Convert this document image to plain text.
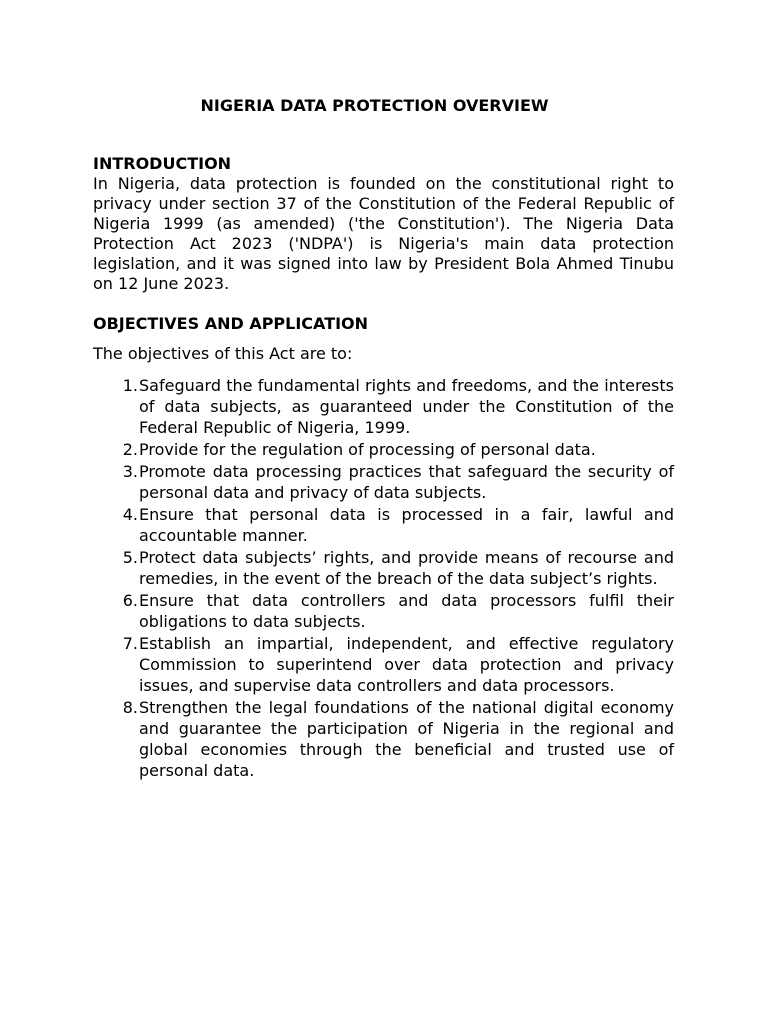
NIGERIA DATA PROTECTION OVERVIEW
INTRODUCTION

In Nigeria, data protection is founded on the constitutional right to privacy under section 37 of the Constitution of the Federal Republic of Nigeria 1999 (as amended) ('the Constitution'). The Nigeria Data Protection Act 2023 ('NDPA') is Nigeria's main data protection legislation, and it was signed into law by President Bola Ahmed Tinubu on 12 June 2023.

OBJECTIVES AND APPLICATION

The objectives of this Act are to:

1. Safeguard the fundamental rights and freedoms, and the interests of data subjects, as guaranteed under the Constitution of the Federal Republic of Nigeria, 1999.
2. Provide for the regulation of processing of personal data.
3. Promote data processing practices that safeguard the security of personal data and privacy of data subjects.
4. Ensure that personal data is processed in a fair, lawful and accountable manner.
5. Protect data subjects’ rights, and provide means of recourse and remedies, in the event of the breach of the data subject’s rights.
6. Ensure that data controllers and data processors fulfil their obligations to data subjects.
7. Establish an impartial, independent, and effective regulatory Commission to superintend over data protection and privacy issues, and supervise data controllers and data processors.
8. Strengthen the legal foundations of the national digital economy and guarantee the participation of Nigeria in the regional and global economies through the beneficial and trusted use of personal data.
